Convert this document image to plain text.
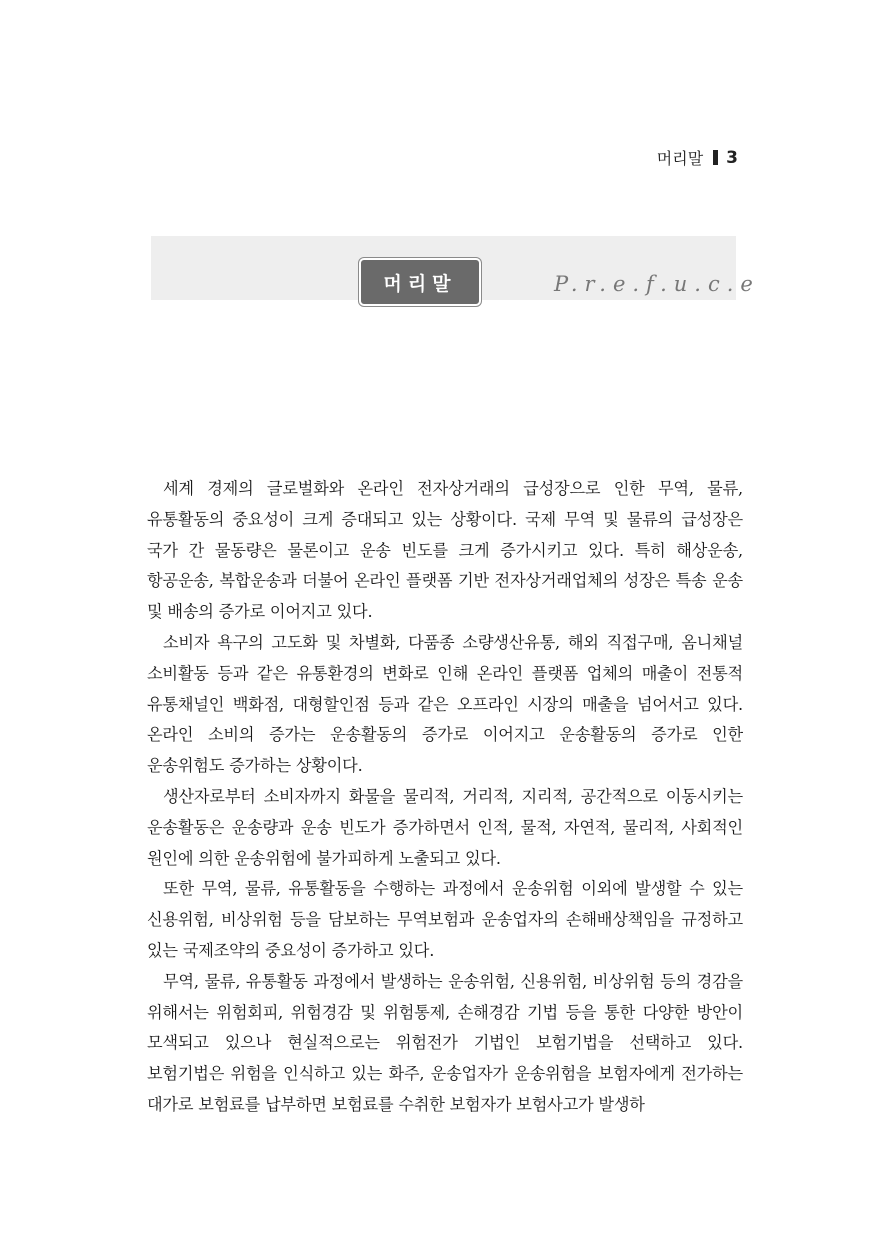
머리말 3
머리말	P.r.e.f.u.c.e

세계 경제의 글로벌화와 온라인 전자상거래의 급성장으로 인한 무역, 물류, 유통활동의 중요성이 크게 증대되고 있는 상황이다. 국제 무역 및 물류의 급성장은 국가 간 물동량은 물론이고 운송 빈도를 크게 증가시키고 있다. 특히 해상운송, 항공운송, 복합운송과 더불어 온라인 플랫폼 기반 전자상거래업체의 성장은 특송 운송 및 배송의 증가로 이어지고 있다.

소비자 욕구의 고도화 및 차별화, 다품종 소량생산유통, 해외 직접구매, 옴니채널 소비활동 등과 같은 유통환경의 변화로 인해 온라인 플랫폼 업체의 매출이 전통적 유통채널인 백화점, 대형할인점 등과 같은 오프라인 시장의 매출을 넘어서고 있다. 온라인 소비의 증가는 운송활동의 증가로 이어지고 운송활동의 증가로 인한 운송위험도 증가하는 상황이다.

생산자로부터 소비자까지 화물을 물리적, 거리적, 지리적, 공간적으로 이동시키는 운송활동은 운송량과 운송 빈도가 증가하면서 인적, 물적, 자연적, 물리적, 사회적인 원인에 의한 운송위험에 불가피하게 노출되고 있다.

또한 무역, 물류, 유통활동을 수행하는 과정에서 운송위험 이외에 발생할 수 있는 신용위험, 비상위험 등을 담보하는 무역보험과 운송업자의 손해배상책임을 규정하고 있는 국제조약의 중요성이 증가하고 있다.

무역, 물류, 유통활동 과정에서 발생하는 운송위험, 신용위험, 비상위험 등의 경감을 위해서는 위험회피, 위험경감 및 위험통제, 손해경감 기법 등을 통한 다양한 방안이 모색되고 있으나 현실적으로는 위험전가 기법인 보험기법을 선택하고 있다. 보험기법은 위험을 인식하고 있는 화주, 운송업자가 운송위험을 보험자에게 전가하는 대가로 보험료를 납부하면 보험료를 수취한 보험자가 보험사고가 발생하
